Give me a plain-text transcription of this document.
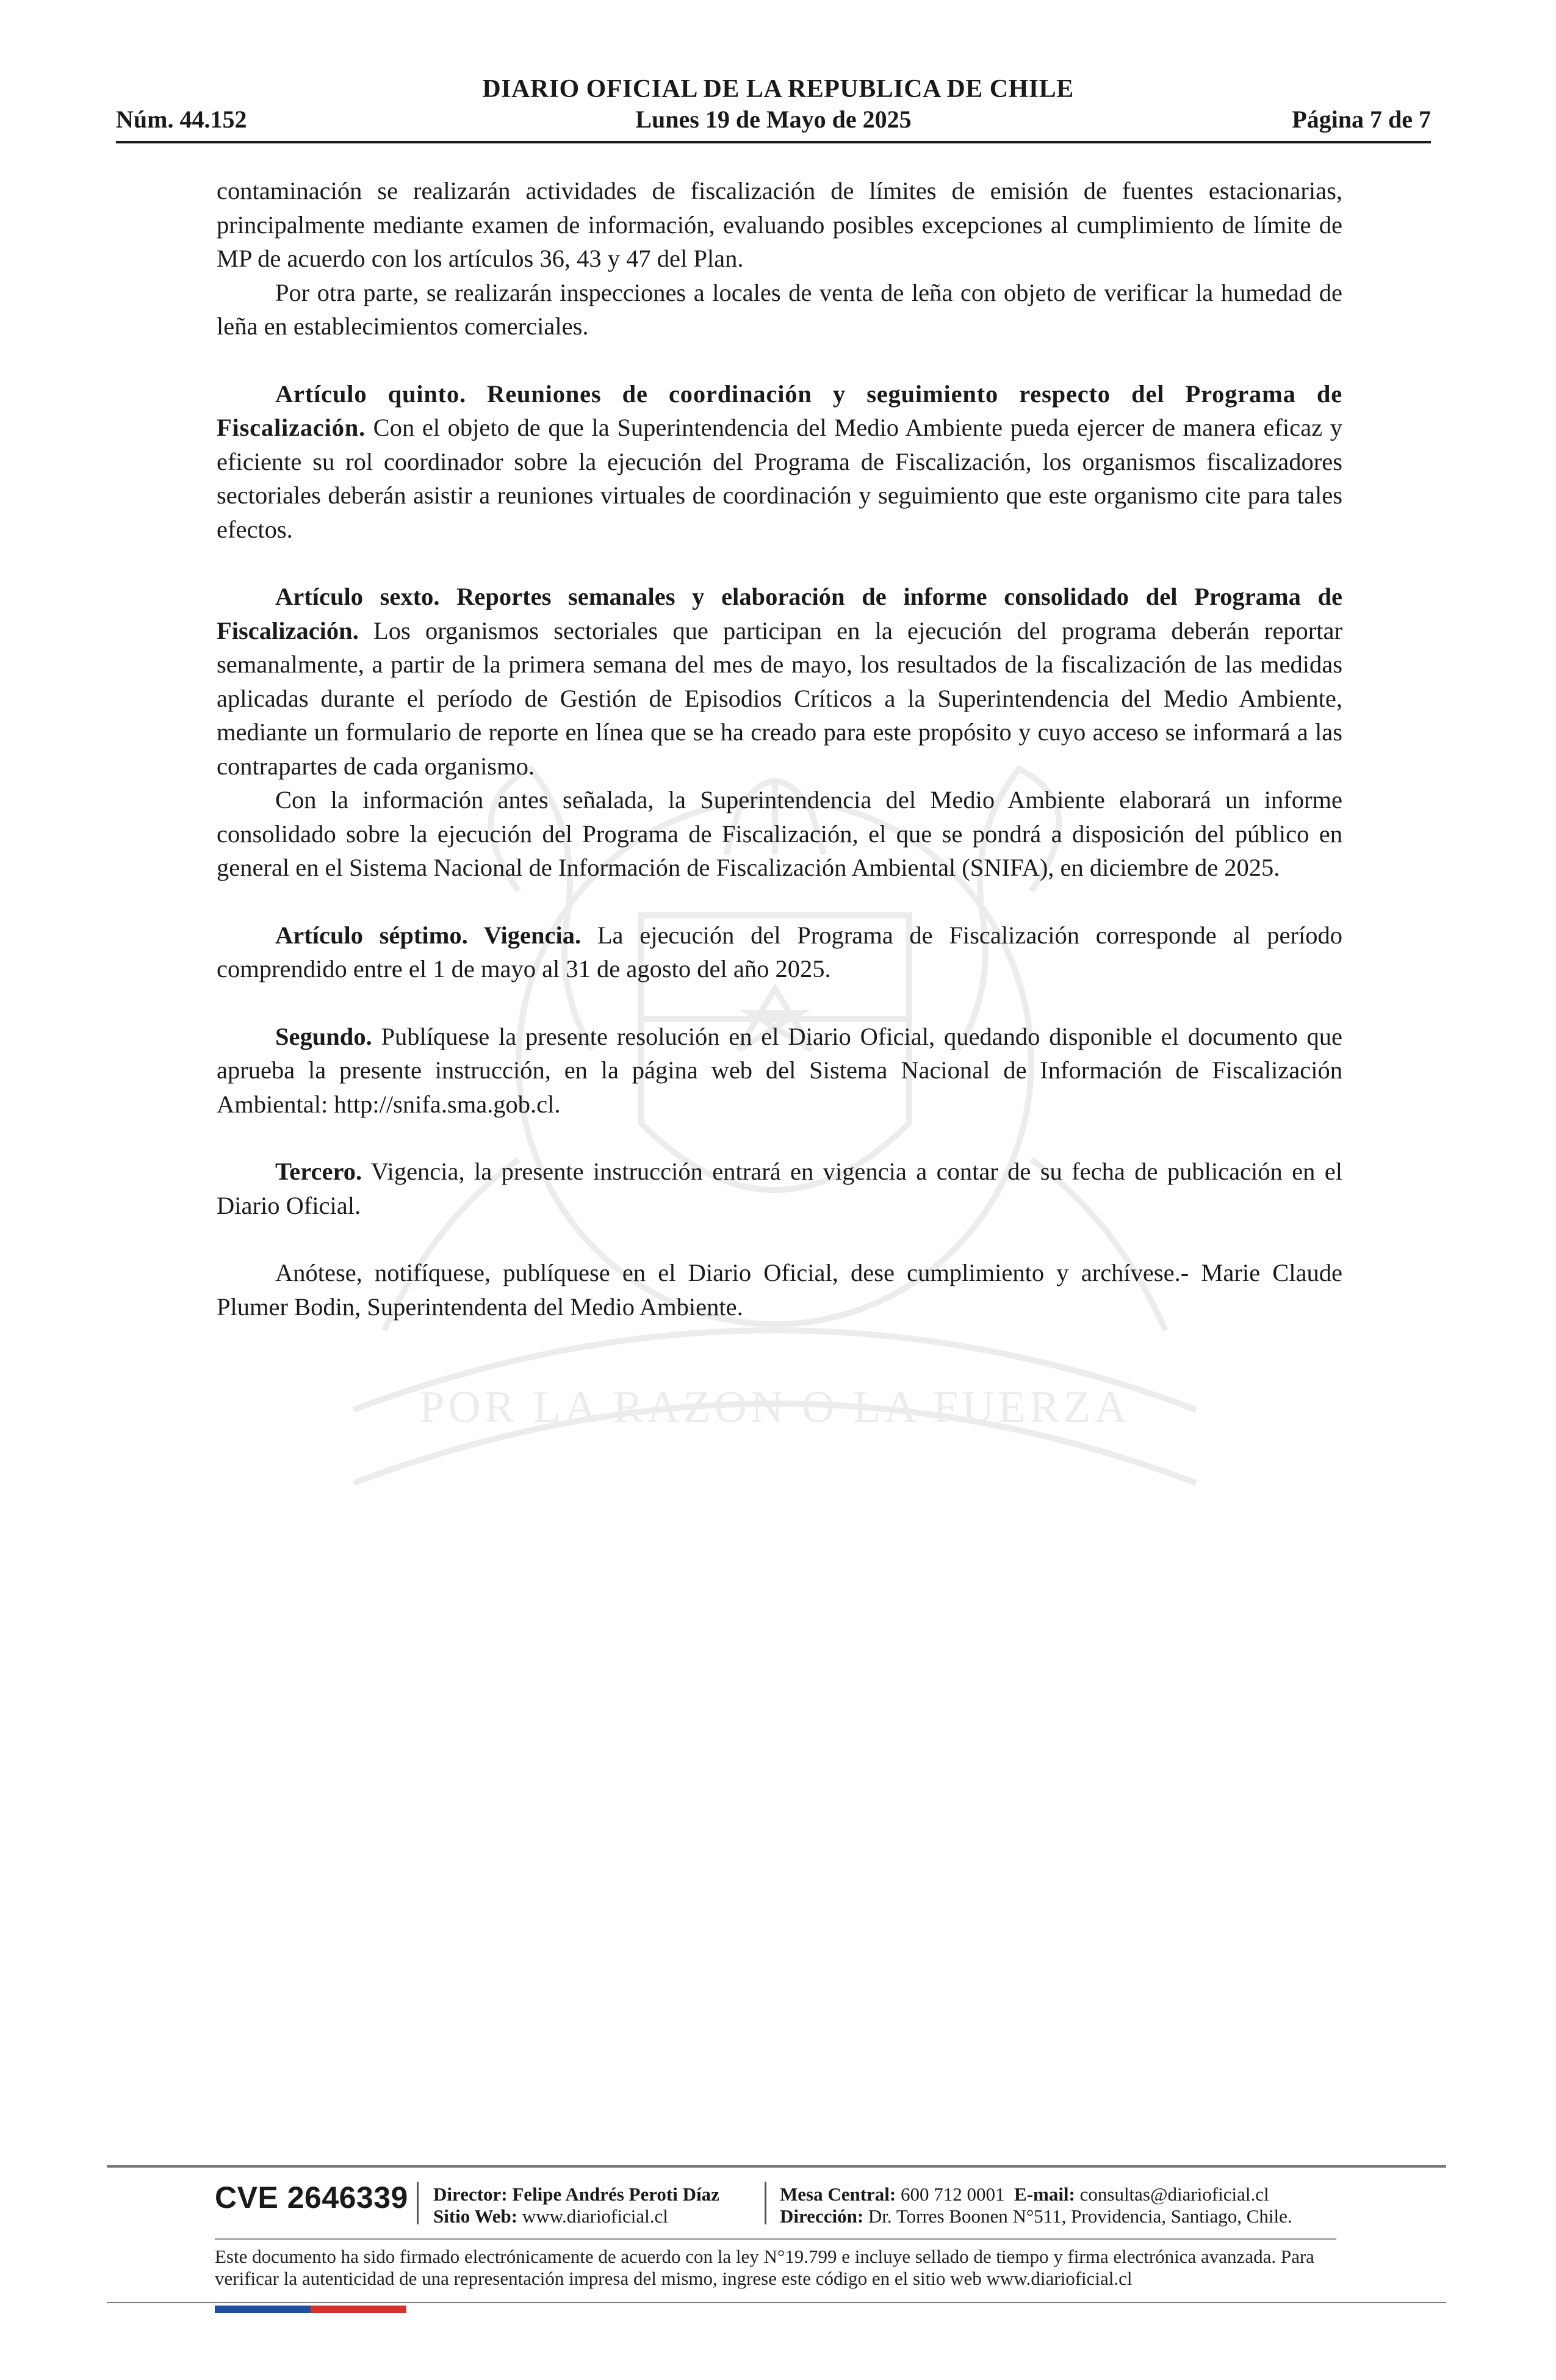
DIARIO OFICIAL DE LA REPUBLICA DE CHILE
Lunes 19 de Mayo de 2025
Núm. 44.152	Página 7 de 7
POR LA RAZON O LA FUERZA

contaminación se realizarán actividades de fiscalización de límites de emisión de fuentes estacionarias, principalmente mediante examen de información, evaluando posibles excepciones al cumplimiento de límite de MP de acuerdo con los artículos 36, 43 y 47 del Plan.

Por otra parte, se realizarán inspecciones a locales de venta de leña con objeto de verificar la humedad de leña en establecimientos comerciales.

Artículo quinto. Reuniones de coordinación y seguimiento respecto del Programa de Fiscalización. Con el objeto de que la Superintendencia del Medio Ambiente pueda ejercer de manera eficaz y eficiente su rol coordinador sobre la ejecución del Programa de Fiscalización, los organismos fiscalizadores sectoriales deberán asistir a reuniones virtuales de coordinación y seguimiento que este organismo cite para tales efectos.

Artículo sexto. Reportes semanales y elaboración de informe consolidado del Programa de Fiscalización. Los organismos sectoriales que participan en la ejecución del programa deberán reportar semanalmente, a partir de la primera semana del mes de mayo, los resultados de la fiscalización de las medidas aplicadas durante el período de Gestión de Episodios Críticos a la Superintendencia del Medio Ambiente, mediante un formulario de reporte en línea que se ha creado para este propósito y cuyo acceso se informará a las contrapartes de cada organismo.

Con la información antes señalada, la Superintendencia del Medio Ambiente elaborará un informe consolidado sobre la ejecución del Programa de Fiscalización, el que se pondrá a disposición del público en general en el Sistema Nacional de Información de Fiscalización Ambiental (SNIFA), en diciembre de 2025.

Artículo séptimo. Vigencia. La ejecución del Programa de Fiscalización corresponde al período comprendido entre el 1 de mayo al 31 de agosto del año 2025.

Segundo. Publíquese la presente resolución en el Diario Oficial, quedando disponible el documento que aprueba la presente instrucción, en la página web del Sistema Nacional de Información de Fiscalización Ambiental: http://snifa.sma.gob.cl.

Tercero. Vigencia, la presente instrucción entrará en vigencia a contar de su fecha de publicación en el Diario Oficial.

Anótese, notifíquese, publíquese en el Diario Oficial, dese cumplimiento y archívese.- Marie Claude Plumer Bodin, Superintendenta del Medio Ambiente.

CVE 2646339 Director: Felipe Andrés Peroti Díaz
Sitio Web: www.diarioficial.cl
Mesa Central: 600 712 0001 E-mail: consultas@diarioficial.cl
Dirección: Dr. Torres Boonen N°511, Providencia, Santiago, Chile.
Este documento ha sido firmado electrónicamente de acuerdo con la ley N°19.799 e incluye sellado de tiempo y firma electrónica avanzada. Para verificar la autenticidad de una representación impresa del mismo, ingrese este código en el sitio web www.diarioficial.cl
